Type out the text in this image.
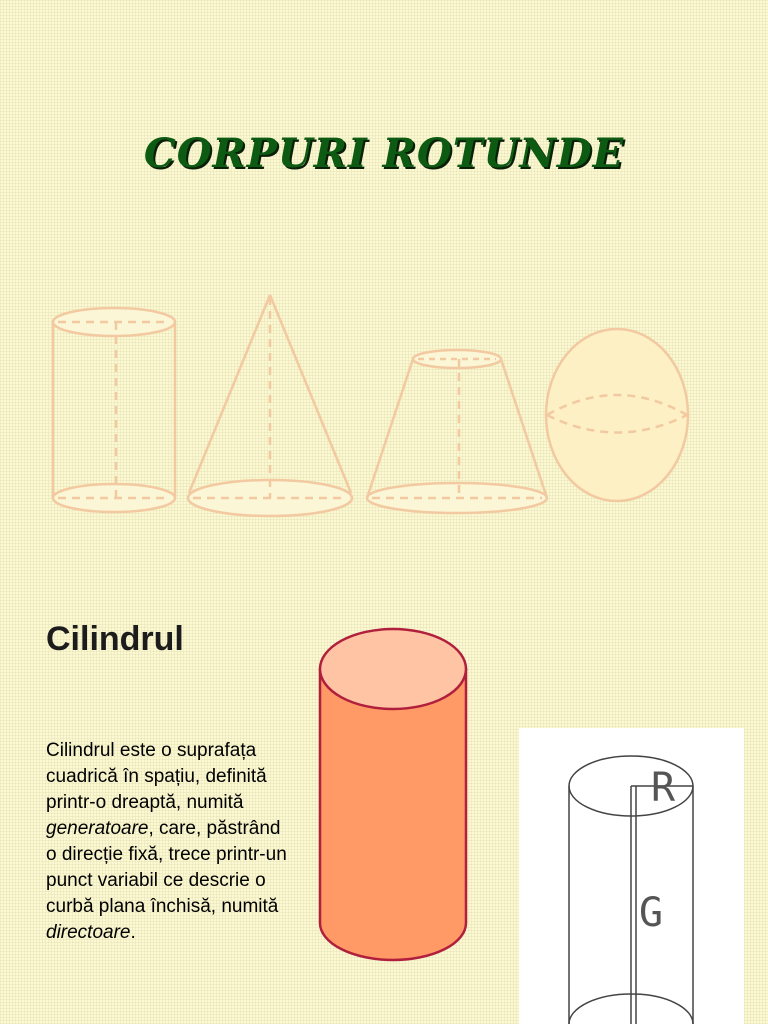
CORPURI ROTUNDE
Cilindrul

Cilindrul este o suprafața cuadrică în spațiu, definită printr-o dreaptă, numită generatoare, care, păstrând o direcție fixă, trece printr-un punct variabil ce descrie o curbă plana închisă, numită directoare.

R
G
